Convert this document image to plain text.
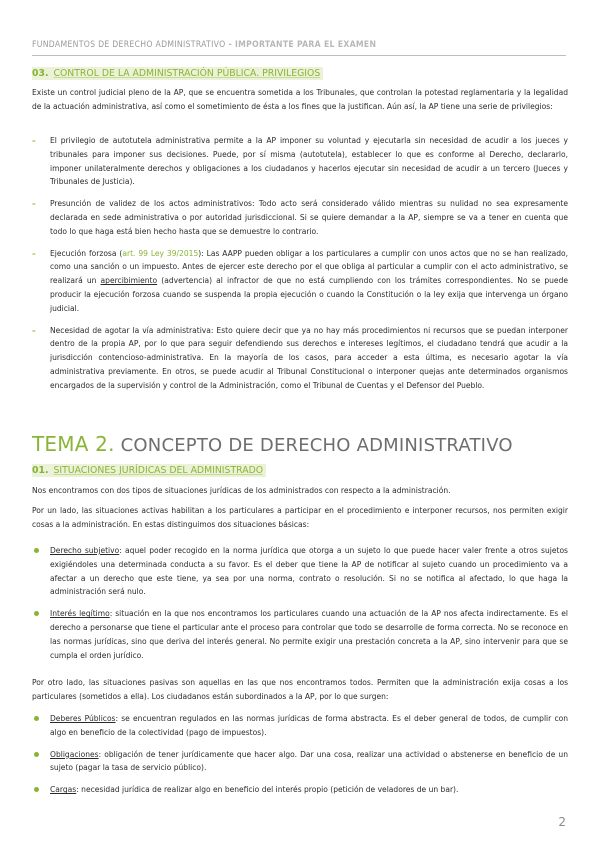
FUNDAMENTOS DE DERECHO ADMINISTRATIVO - IMPORTANTE PARA EL EXAMEN
03. CONTROL DE LA ADMINISTRACIÓN PÚBLICA. PRIVILEGIOS

Existe un control judicial pleno de la AP, que se encuentra sometida a los Tribunales, que controlan la potestad reglamentaria y la legalidad de la actuación administrativa, así como el sometimiento de ésta a los fines que la justifican. Aún así, la AP tiene una serie de privilegios:

– El privilegio de autotutela administrativa permite a la AP imponer su voluntad y ejecutarla sin necesidad de acudir a los jueces y tribunales para imponer sus decisiones. Puede, por sí misma (autotutela), establecer lo que es conforme al Derecho, declararlo, imponer unilateralmente derechos y obligaciones a los ciudadanos y hacerlos ejecutar sin necesidad de acudir a un tercero (Jueces y Tribunales de Justicia).
– Presunción de validez de los actos administrativos: Todo acto será considerado válido mientras su nulidad no sea expresamente declarada en sede administrativa o por autoridad jurisdiccional. Si se quiere demandar a la AP, siempre se va a tener en cuenta que todo lo que haga está bien hecho hasta que se demuestre lo contrario.
– Ejecución forzosa (art. 99 Ley 39/2015): Las AAPP pueden obligar a los particulares a cumplir con unos actos que no se han realizado, como una sanción o un impuesto. Antes de ejercer este derecho por el que obliga al particular a cumplir con el acto administrativo, se realizará un apercibimiento (advertencia) al infractor de que no está cumpliendo con los trámites correspondientes. No se puede producir la ejecución forzosa cuando se suspenda la propia ejecución o cuando la Constitución o la ley exija que intervenga un órgano judicial.
– Necesidad de agotar la vía administrativa: Esto quiere decir que ya no hay más procedimientos ni recursos que se puedan interponer dentro de la propia AP, por lo que para seguir defendiendo sus derechos e intereses legítimos, el ciudadano tendrá que acudir a la jurisdicción contencioso-administrativa. En la mayoría de los casos, para acceder a esta última, es necesario agotar la vía administrativa previamente. En otros, se puede acudir al Tribunal Constitucional o interponer quejas ante determinados organismos encargados de la supervisión y control de la Administración, como el Tribunal de Cuentas y el Defensor del Pueblo.
TEMA 2. CONCEPTO DE DERECHO ADMINISTRATIVO
01. SITUACIONES JURÍDICAS DEL ADMINISTRADO

Nos encontramos con dos tipos de situaciones jurídicas de los administrados con respecto a la administración.

Por un lado, las situaciones activas habilitan a los particulares a participar en el procedimiento e interponer recursos, nos permiten exigir cosas a la administración. En estas distinguimos dos situaciones básicas:

Derecho subjetivo: aquel poder recogido en la norma jurídica que otorga a un sujeto lo que puede hacer valer frente a otros sujetos exigiéndoles una determinada conducta a su favor. Es el deber que tiene la AP de notificar al sujeto cuando un procedimiento va a afectar a un derecho que este tiene, ya sea por una norma, contrato o resolución. Si no se notifica al afectado, lo que haga la administración será nulo.
Interés legítimo: situación en la que nos encontramos los particulares cuando una actuación de la AP nos afecta indirectamente. Es el derecho a personarse que tiene el particular ante el proceso para controlar que todo se desarrolle de forma correcta. No se reconoce en las normas jurídicas, sino que deriva del interés general. No permite exigir una prestación concreta a la AP, sino intervenir para que se cumpla el orden jurídico.

Por otro lado, las situaciones pasivas son aquellas en las que nos encontramos todos. Permiten que la administración exija cosas a los particulares (sometidos a ella). Los ciudadanos están subordinados a la AP, por lo que surgen:

Deberes Públicos: se encuentran regulados en las normas jurídicas de forma abstracta. Es el deber general de todos, de cumplir con algo en beneficio de la colectividad (pago de impuestos).
Obligaciones: obligación de tener jurídicamente que hacer algo. Dar una cosa, realizar una actividad o abstenerse en beneficio de un sujeto (pagar la tasa de servicio público).
Cargas: necesidad jurídica de realizar algo en beneficio del interés propio (petición de veladores de un bar).
2
